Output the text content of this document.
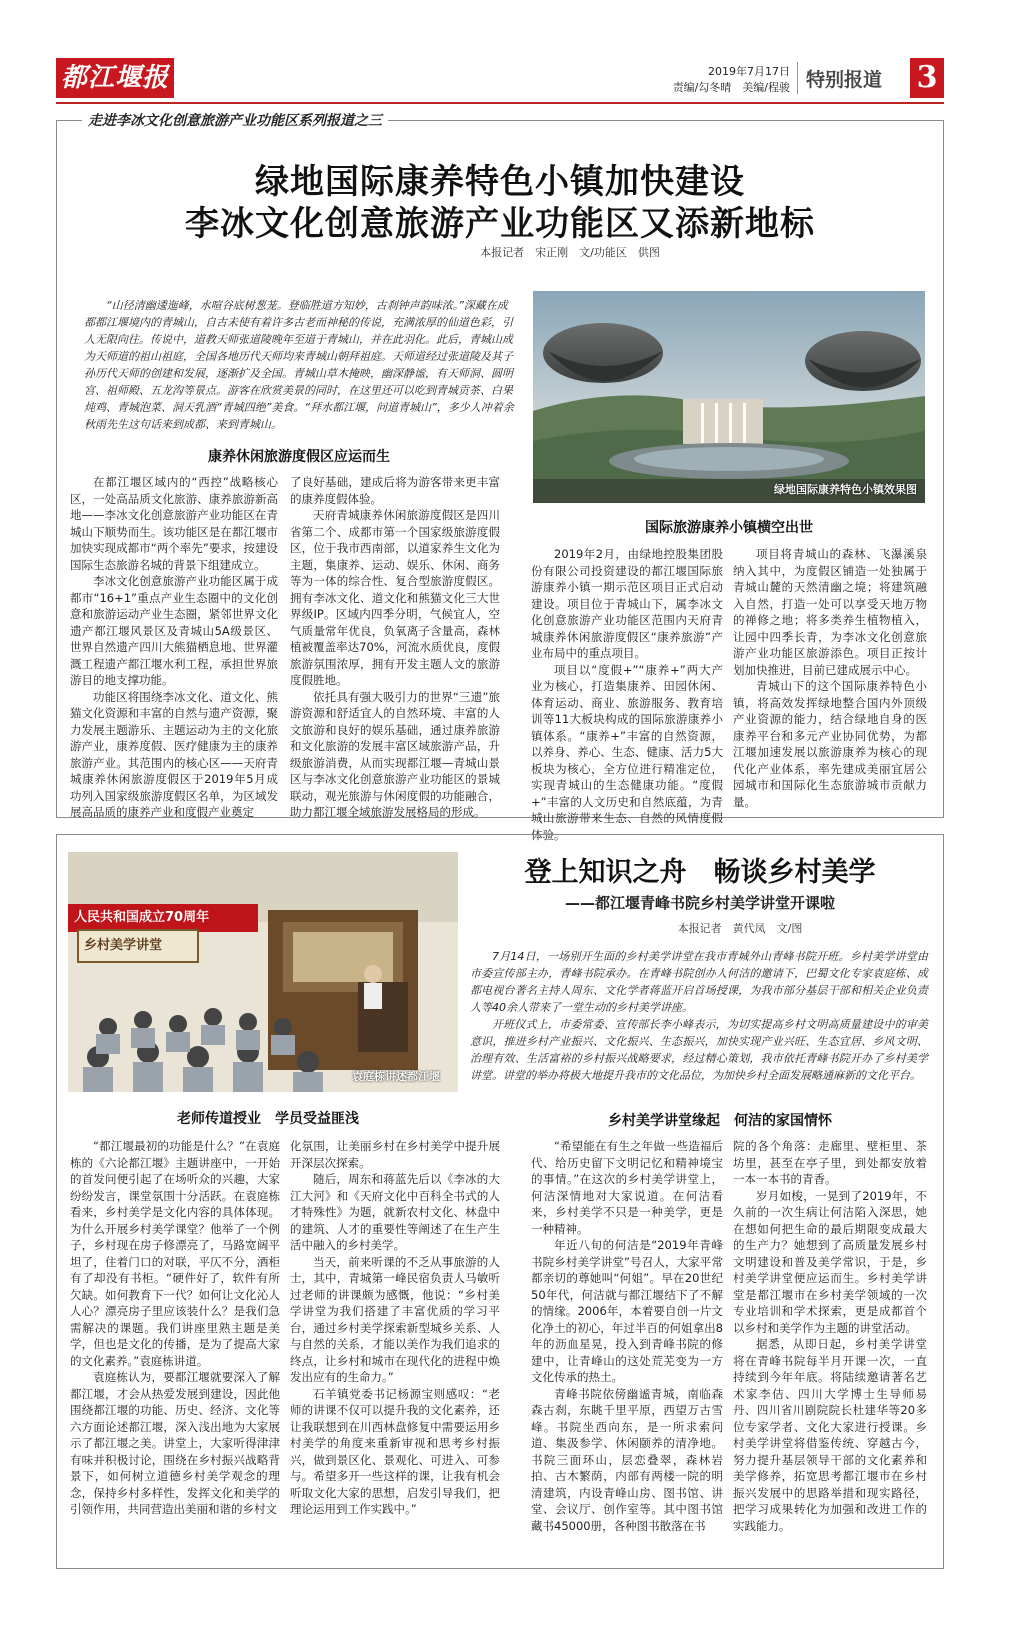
都江堰报	2019年7月17日
责编/勾冬晴　美编/程骏 特别报道 3
走进李冰文化创意旅游产业功能区系列报道之三
绿地国际康养特色小镇加快建设
李冰文化创意旅游产业功能区又添新地标
本报记者　宋正刚　文/功能区　供图
“山径清幽逶迤峰，水喧谷底树葱茏。登临胜道方知妙，古刹钟声韵味浓。”深藏在成都都江堰境内的青城山，自古未使有着许多古老而神秘的传说，充满浓厚的仙道色彩，引人无限向往。传说中，道教天师张道陵晚年至道于青城山，并在此羽化。此后，青城山成为天师道的祖山祖庭，全国各地历代天师均来青城山朝拜祖庭。天师道经过张道陵及其子孙历代天师的创建和发展，逐渐扩及全国。青城山草木掩映，幽深静谧，有天师洞、圆明宫、祖师殿、五龙沟等景点。游客在欣赏美景的同时，在这里还可以吃到青城贡茶、白果炖鸡、青城泡菜、洞天乳酒“青城四绝”美食。“拜水都江堰，问道青城山”，多少人冲着余秋雨先生这句话来到成都、来到青城山。
绿地国际康养特色小镇效果图
康养休闲旅游度假区应运而生
国际旅游康养小镇横空出世

在都江堰区域内的“西控”战略核心区，一处高品质文化旅游、康养旅游新高地——李冰文化创意旅游产业功能区在青城山下顺势而生。该功能区是在都江堰市加快实现成都市“两个率先”要求，按建设国际生态旅游名城的背景下组建成立。

李冰文化创意旅游产业功能区属于成都市“16+1”重点产业生态圈中的文化创意和旅游运动产业生态圈，紧邻世界文化遗产都江堰风景区及青城山5A级景区、世界自然遗产四川大熊猫栖息地、世界灌溉工程遗产都江堰水利工程，承担世界旅游目的地支撑功能。

功能区将围绕李冰文化、道文化、熊猫文化资源和丰富的自然与遗产资源，聚力发展主题游乐、主题运动为主的文化旅游产业，康养度假、医疗健康为主的康养旅游产业。其范围内的核心区——天府青城康养休闲旅游度假区于2019年5月成功列入国家级旅游度假区名单，为区域发展高品质的康养产业和度假产业奠定

了良好基础，建成后将为游客带来更丰富的康养度假体验。

天府青城康养休闲旅游度假区是四川省第二个、成都市第一个国家级旅游度假区，位于我市西南部，以道家养生文化为主题，集康养、运动、娱乐、休闲、商务等为一体的综合性、复合型旅游度假区。拥有李冰文化、道文化和熊猫文化三大世界级IP。区域内四季分明，气候宜人，空气质量常年优良，负氧离子含量高，森林植被覆盖率达70%，河流水质优良，度假旅游氛围浓厚，拥有开发主题人文的旅游度假胜地。

依托具有强大吸引力的世界“三遗”旅游资源和舒适宜人的自然环境、丰富的人文旅游和良好的娱乐基础，通过康养旅游和文化旅游的发展丰富区域旅游产品，升级旅游消费，从而实现都江堰—青城山景区与李冰文化创意旅游产业功能区的景城联动，观光旅游与休闲度假的功能融合，助力都江堰全域旅游发展格局的形成。

2019年2月，由绿地控股集团股份有限公司投资建设的都江堰国际旅游康养小镇一期示范区项目正式启动建设。项目位于青城山下，属李冰文化创意旅游产业功能区范围内天府青城康养休闲旅游度假区“康养旅游”产业布局中的重点项目。

项目以“度假+”“康养+”两大产业为核心，打造集康养、田园休闲、体育运动、商业、旅游服务、教育培训等11大板块构成的国际旅游康养小镇体系。“康养+”丰富的自然资源，以养身、养心、生态、健康、活力5大板块为核心，全方位进行精准定位，实现青城山的生态健康功能。“度假+”丰富的人文历史和自然底蕴，为青城山旅游带来生态、自然的风情度假体验。

项目将青城山的森林、飞瀑溪泉纳入其中，为度假区铺造一处独属于青城山麓的天然清幽之境；将建筑融入自然，打造一处可以享受天地万物的禅修之地；将多类养生植物植入，让园中四季长青，为李冰文化创意旅游产业功能区旅游添色。项目正按计划加快推进，目前已建成展示中心。

青城山下的这个国际康养特色小镇，将高效发挥绿地整合国内外顶级产业资源的能力，结合绿地自身的医康养平台和多元产业协同优势，为都江堰加速发展以旅游康养为核心的现代化产业体系，率先建成美丽宜居公园城市和国际化生态旅游城市贡献力量。

人民共和国成立70周年
乡村美学讲堂
袁庭栋讲述都江堰
登上知识之舟　畅谈乡村美学
——都江堰青峰书院乡村美学讲堂开课啦
本报记者　黄代凤　文/图

7月14日，一场别开生面的乡村美学讲堂在我市青城外山青峰书院开班。乡村美学讲堂由市委宣传部主办，青峰书院承办。在青峰书院创办人何洁的邀请下，巴蜀文化专家袁庭栋、成都电视台著名主持人周东、文化学者蒋蓝开启首场授课，为我市部分基层干部和相关企业负责人等40余人带来了一堂生动的乡村美学讲座。

开班仪式上，市委常委、宣传部长李小峰表示，为切实提高乡村文明高质量建设中的审美意识，推进乡村产业振兴、文化振兴、生态振兴，加快实现产业兴旺、生态宜居、乡风文明、治理有效、生活富裕的乡村振兴战略要求，经过精心策划，我市依托青峰书院开办了乡村美学讲堂。讲堂的举办将极大地提升我市的文化品位，为加快乡村全面发展略通麻新的文化平台。

老师传道授业　学员受益匪浅	乡村美学讲堂缘起　何洁的家国情怀

“都江堰最初的功能是什么？”在袁庭栋的《六论都江堰》主题讲座中，一开始的首发问便引起了在场听众的兴趣，大家纷纷发言，课堂氛围十分活跃。在袁庭栋看来，乡村美学是文化内容的具体体现。为什么开展乡村美学课堂？他举了一个例子，乡村现在房子修漂亮了，马路宽阔平坦了，住着门口的对联，平仄不分，酒柜有了却没有书柜。“硬件好了，软件有所欠缺。如何教育下一代？如何让文化沁人人心？漂亮房子里应该装什么？是我们急需解决的课题。我们讲座里熟主题是美学，但也是文化的传播，是为了提高大家的文化素养。”袁庭栋讲道。

袁庭栋认为，要都江堰就要深入了解都江堰，才会从热爱发展到建设，因此他围绕都江堰的功能、历史、经济、文化等六方面论述都江堰，深入浅出地为大家展示了都江堰之美。讲堂上，大家听得津津有味并积极讨论，围绕在乡村振兴战略背景下，如何树立道德乡村美学观念的理念，保持乡村多样性，发挥文化和美学的引领作用，共同营造出美丽和谐的乡村文

化氛围，让美丽乡村在乡村美学中提升展开深层次探索。

随后，周东和蒋蓝先后以《李冰的大江大河》和《天府文化中百科全书式的人才特殊性》为题，就新农村文化、林盘中的建筑、人才的重要性等阐述了在生产生活中融入的乡村美学。

当天，前来听课的不乏从事旅游的人士，其中，青城第一峰民宿负责人马敏听过老师的讲课颇为感慨，他说：“乡村美学讲堂为我们搭建了丰富优质的学习平台，通过乡村美学探索新型城乡关系、人与自然的关系，才能以美作为我们追求的终点，让乡村和城市在现代化的进程中焕发出应有的生命力。”

石羊镇党委书记杨源宝则感叹：“老师的讲课不仅可以提升我的文化素养，还让我联想到在川西林盘修复中需要运用乡村美学的角度来重新审视和思考乡村振兴，做到景区化、景观化、可进入、可参与。希望多开一些这样的课，让我有机会听取文化大家的思想，启发引导我们，把理论运用到工作实践中。”

“希望能在有生之年做一些造福后代、给历史留下文明记忆和精神境宝的事情。”在这次的乡村美学讲堂上，何洁深情地对大家说道。在何洁看来，乡村美学不只是一种美学，更是一种精神。

年近八旬的何洁是“2019年青峰书院乡村美学讲堂”号召人，大家平常都亲切的尊她叫“何姐”。早在20世纪50年代，何洁就与都江堰结下了不解的情缘。2006年，本着要自创一片文化净土的初心，年过半百的何姐拿出8年的沥血星晃，投入到青峰书院的修建中，让青峰山的这处荒芜变为一方文化传承的热土。

青峰书院依傍幽谧青城，南临森森古刹，东眺千里平原，西望万古雪峰。书院坐西向东，是一所求索问道、集汲参学、休闲颐养的清净地。书院三面环山，层恋叠翠，森林岩拍、古木繁荫，内部有两楼一院的明清建筑，内设青峰山房、图书馆、讲堂、会议厅、创作室等。其中图书馆藏书45000册，各种图书散落在书

院的各个角落：走廊里、壁柜里、茶坊里，甚至在亭子里，到处都安放着一本一本书的青香。

岁月如梭，一晃到了2019年，不久前的一次生病让何洁陷入深思，她在想如何把生命的最后期限变成最大的生产力？她想到了高质量发展乡村文明建设和普及美学常识，于是，乡村美学讲堂便应运而生。乡村美学讲堂是都江堰市在乡村美学领域的一次专业培训和学术探索，更是成都首个以乡村和美学作为主题的讲堂活动。

据悉，从即日起，乡村美学讲堂将在青峰书院每半月开课一次，一直持续到今年年底。将陆续邀请著名艺术家李佶、四川大学博士生导师易丹、四川省川剧院院长杜建华等20多位专家学者、文化大家进行授课。乡村美学讲堂将借鉴传统、穿越古今，努力提升基层领导干部的文化素养和美学修养，拓宽思考都江堰市在乡村振兴发展中的思路举措和现实路径，把学习成果转化为加强和改进工作的实践能力。
